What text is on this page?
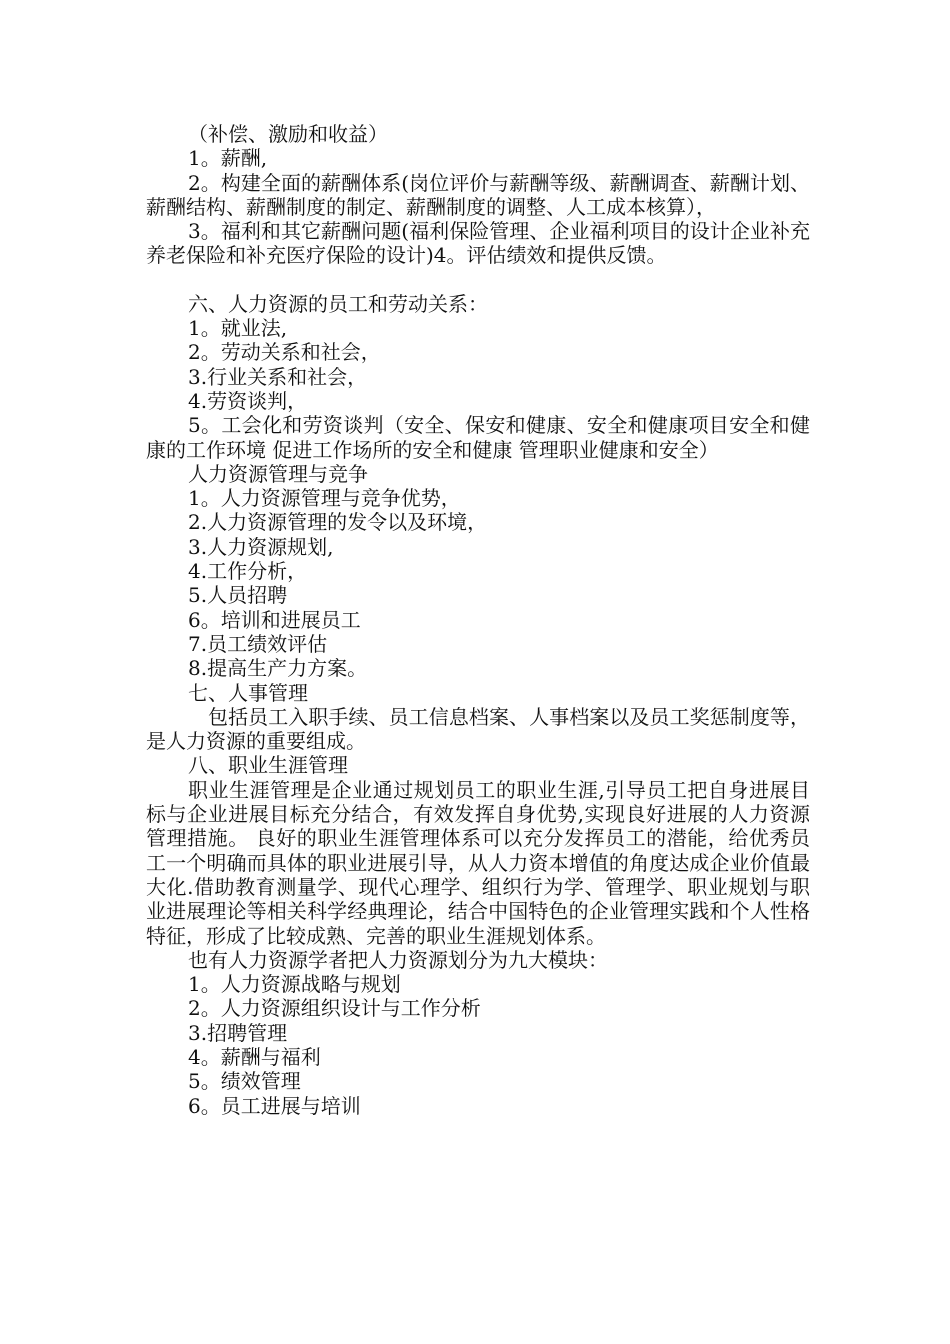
（补偿、激励和收益）

1。薪酬,

2。构建全面的薪酬体系(岗位评价与薪酬等级、薪酬调查、薪酬计划、薪酬结构、薪酬制度的制定、薪酬制度的调整、人工成本核算），

3。福利和其它薪酬问题(福利保险管理、企业福利项目的设计企业补充养老保险和补充医疗保险的设计)4。评估绩效和提供反馈。

六、人力资源的员工和劳动关系：

1。就业法,

2。劳动关系和社会，

3.行业关系和社会，

4.劳资谈判，

5。工会化和劳资谈判（安全、保安和健康、安全和健康项目安全和健康的工作环境 促进工作场所的安全和健康 管理职业健康和安全）

人力资源管理与竞争

1。人力资源管理与竞争优势，

2.人力资源管理的发令以及环境，

3.人力资源规划,

4.工作分析，

5.人员招聘

6。培训和进展员工

7.员工绩效评估

8.提高生产力方案。

七、人事管理

包括员工入职手续、员工信息档案、人事档案以及员工奖惩制度等，是人力资源的重要组成。

八、职业生涯管理

职业生涯管理是企业通过规划员工的职业生涯,引导员工把自身进展目标与企业进展目标充分结合，有效发挥自身优势,实现良好进展的人力资源管理措施。 良好的职业生涯管理体系可以充分发挥员工的潜能，给优秀员工一个明确而具体的职业进展引导，从人力资本增值的角度达成企业价值最大化.借助教育测量学、现代心理学、组织行为学、管理学、职业规划与职业进展理论等相关科学经典理论，结合中国特色的企业管理实践和个人性格特征，形成了比较成熟、完善的职业生涯规划体系。

也有人力资源学者把人力资源划分为九大模块：

1。人力资源战略与规划

2。人力资源组织设计与工作分析

3.招聘管理

4。薪酬与福利

5。绩效管理

6。员工进展与培训
